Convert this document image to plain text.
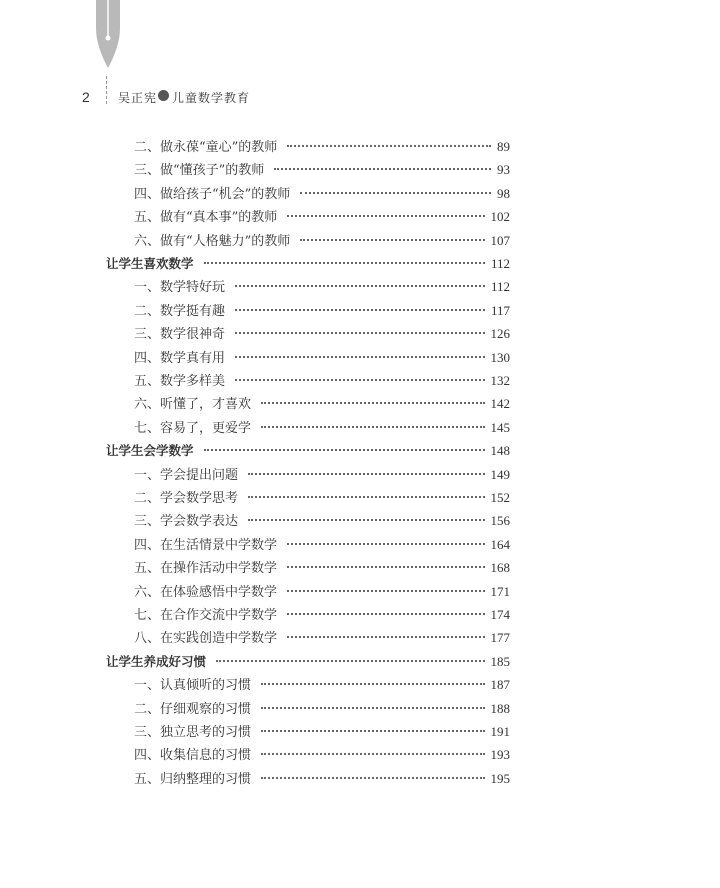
2 吴正宪 儿童数学教育
二、做永葆“童心”的教师	89
三、做“懂孩子”的教师	93
四、做给孩子“机会”的教师	98
五、做有“真本事”的教师	102
六、做有“人格魅力”的教师	107
让学生喜欢数学	112
一、数学特好玩	112
二、数学挺有趣	117
三、数学很神奇	126
四、数学真有用	130
五、数学多样美	132
六、听懂了，才喜欢	142
七、容易了，更爱学	145
让学生会学数学	148
一、学会提出问题	149
二、学会数学思考	152
三、学会数学表达	156
四、在生活情景中学数学	164
五、在操作活动中学数学	168
六、在体验感悟中学数学	171
七、在合作交流中学数学	174
八、在实践创造中学数学	177
让学生养成好习惯	185
一、认真倾听的习惯	187
二、仔细观察的习惯	188
三、独立思考的习惯	191
四、收集信息的习惯	193
五、归纳整理的习惯	195
